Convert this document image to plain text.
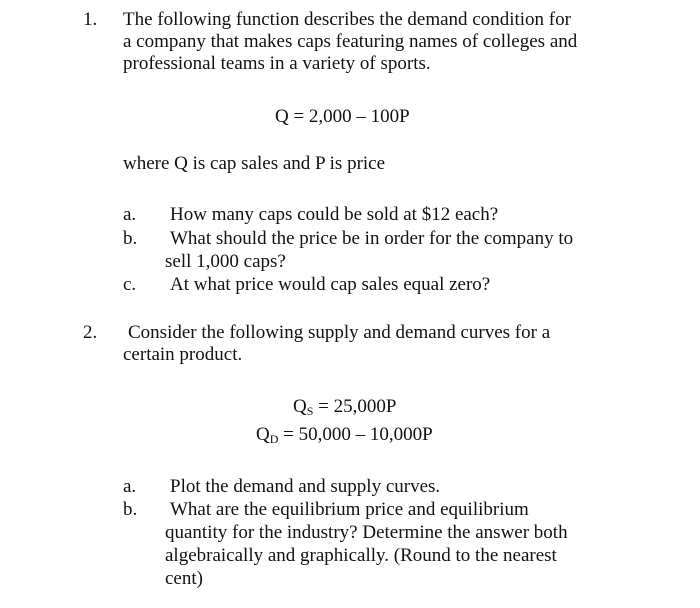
1. The following function describes the demand condition for
a company that makes caps featuring names of colleges and
professional teams in a variety of sports.
Q = 2,000 – 100P
where Q is cap sales and P is price
a. How many caps could be sold at $12 each?
b. What should the price be in order for the company to
sell 1,000 caps?
c. At what price would cap sales equal zero?
2. Consider the following supply and demand curves for a
certain product.
$Q_S = 25,000P$
$Q_D = 50,000 - 10,000P$
a. Plot the demand and supply curves.
b. What are the equilibrium price and equilibrium
quantity for the industry? Determine the answer both
algebraically and graphically. (Round to the nearest
cent)
